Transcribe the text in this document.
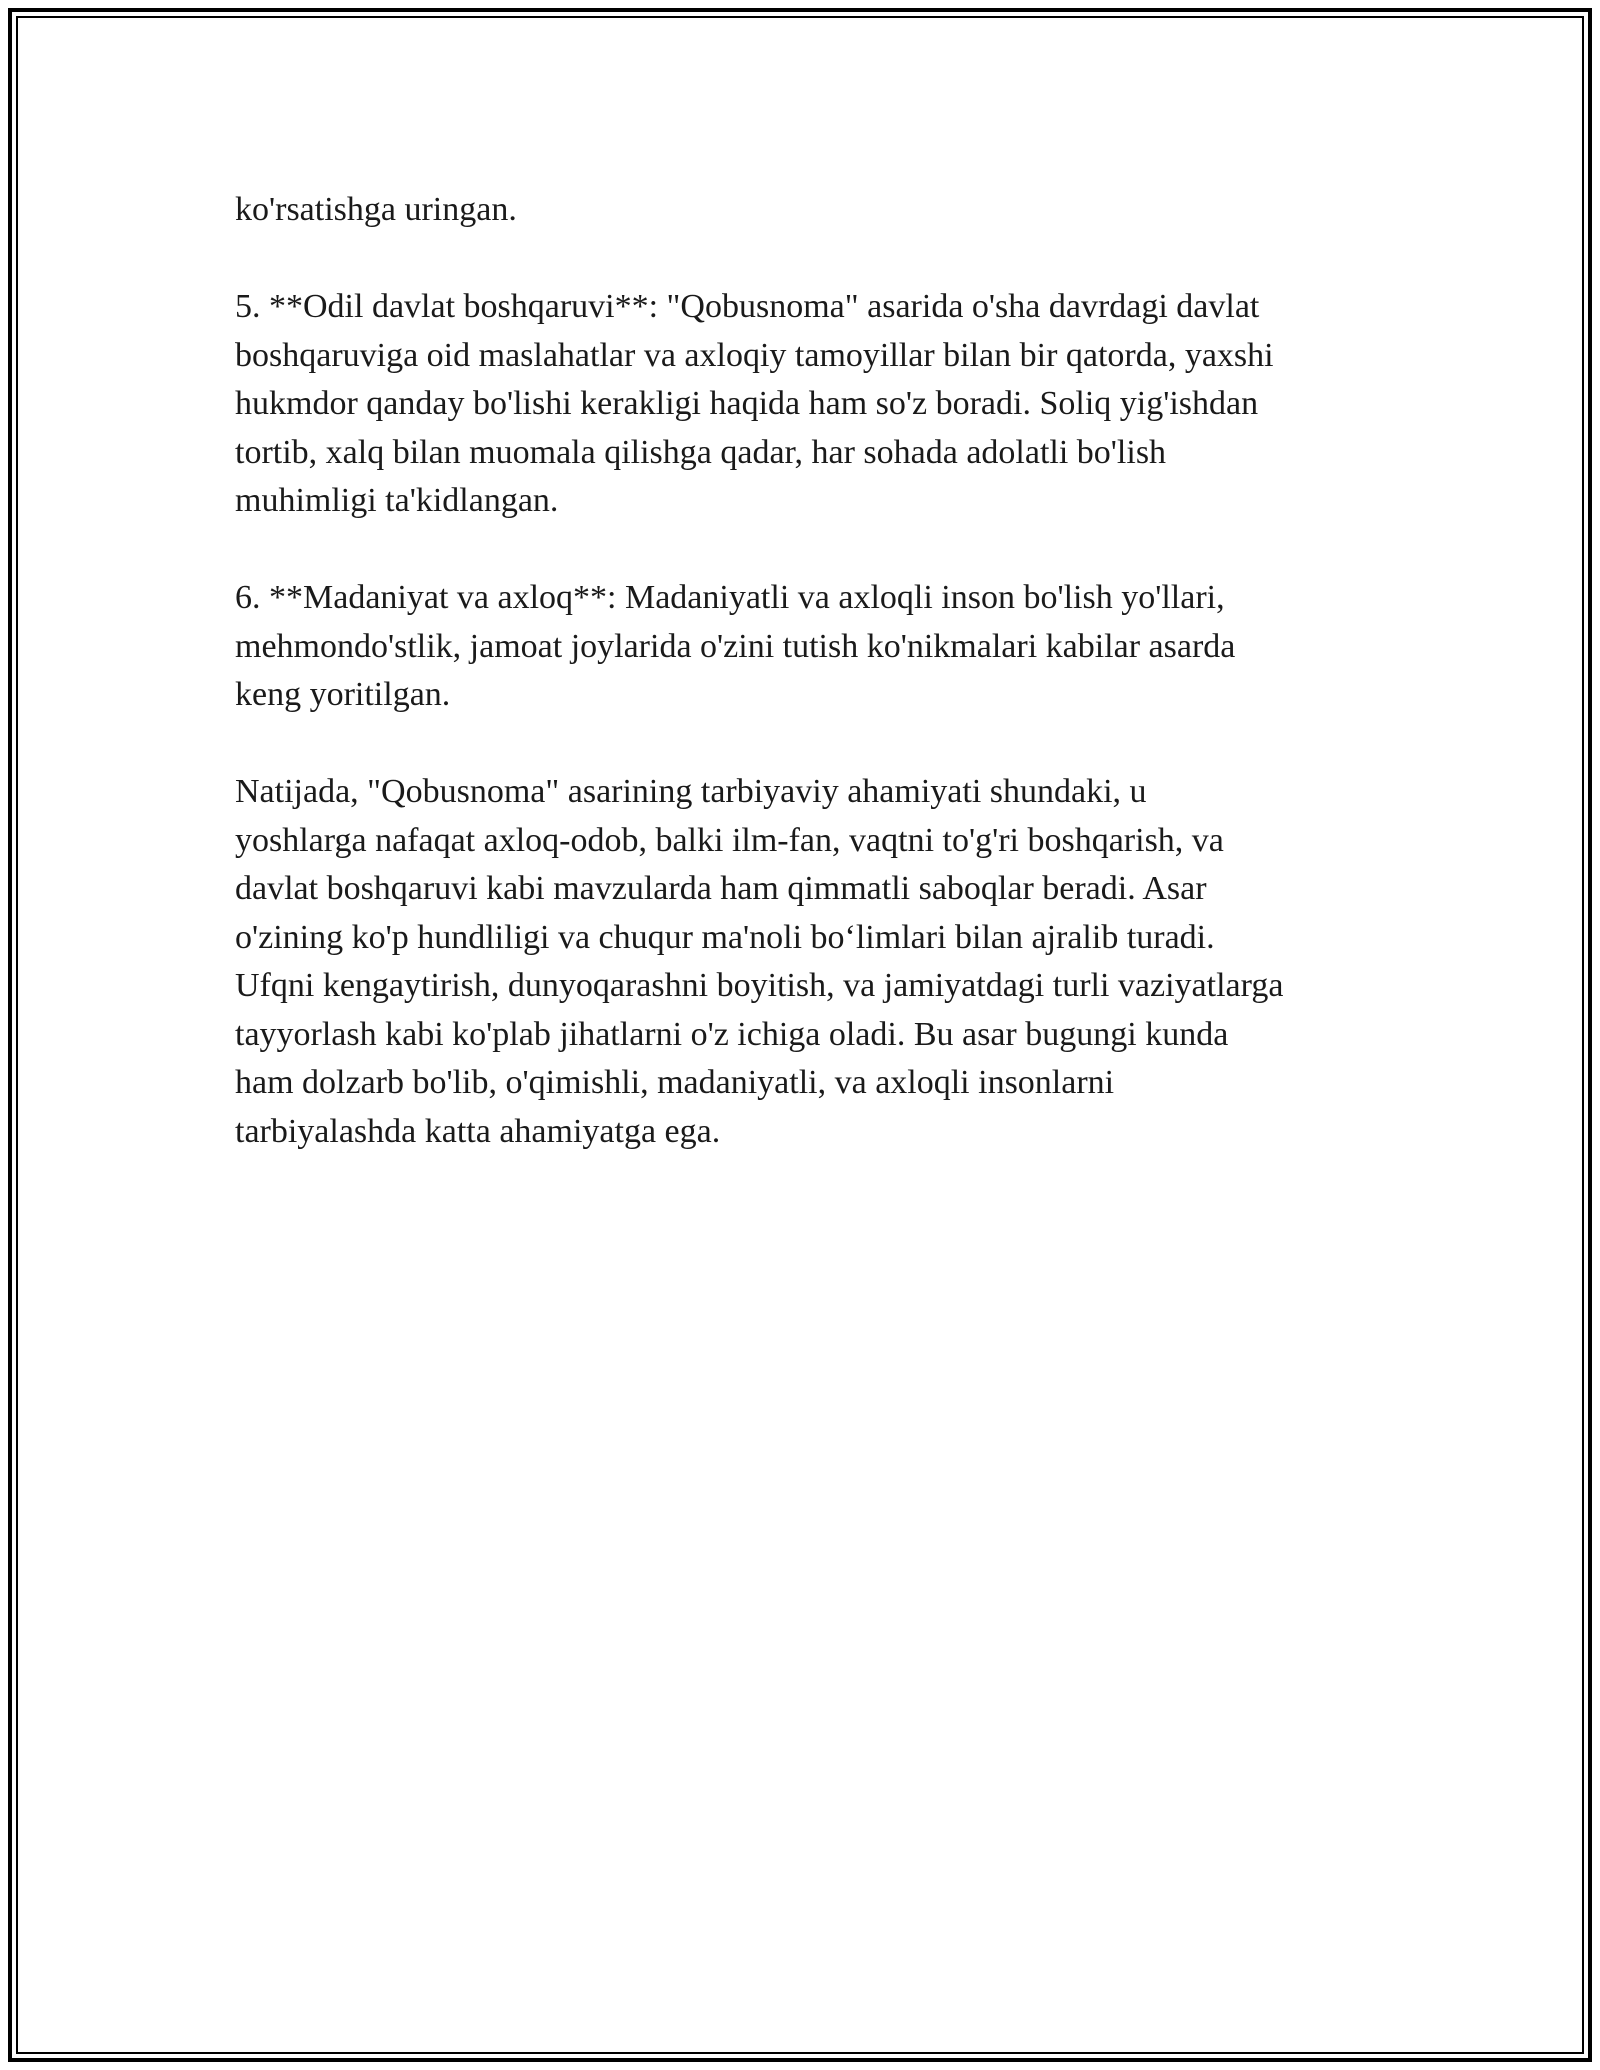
ko'rsatishga uringan.

5. **Odil davlat boshqaruvi**: "Qobusnoma" asarida o'sha davrdagi davlat
boshqaruviga oid maslahatlar va axloqiy tamoyillar bilan bir qatorda, yaxshi
hukmdor qanday bo'lishi kerakligi haqida ham so'z boradi. Soliq yig'ishdan
tortib, xalq bilan muomala qilishga qadar, har sohada adolatli bo'lish
muhimligi ta'kidlangan.

6. **Madaniyat va axloq**: Madaniyatli va axloqli inson bo'lish yo'llari,
mehmondo'stlik, jamoat joylarida o'zini tutish ko'nikmalari kabilar asarda
keng yoritilgan.

Natijada, "Qobusnoma" asarining tarbiyaviy ahamiyati shundaki, u
yoshlarga nafaqat axloq-odob, balki ilm-fan, vaqtni to'g'ri boshqarish, va
davlat boshqaruvi kabi mavzularda ham qimmatli saboqlar beradi. Asar
o'zining ko'p hundliligi va chuqur ma'noli bo‘limlari bilan ajralib turadi.
Ufqni kengaytirish, dunyoqarashni boyitish, va jamiyatdagi turli vaziyatlarga
tayyorlash kabi ko'plab jihatlarni o'z ichiga oladi. Bu asar bugungi kunda
ham dolzarb bo'lib, o'qimishli, madaniyatli, va axloqli insonlarni
tarbiyalashda katta ahamiyatga ega.
